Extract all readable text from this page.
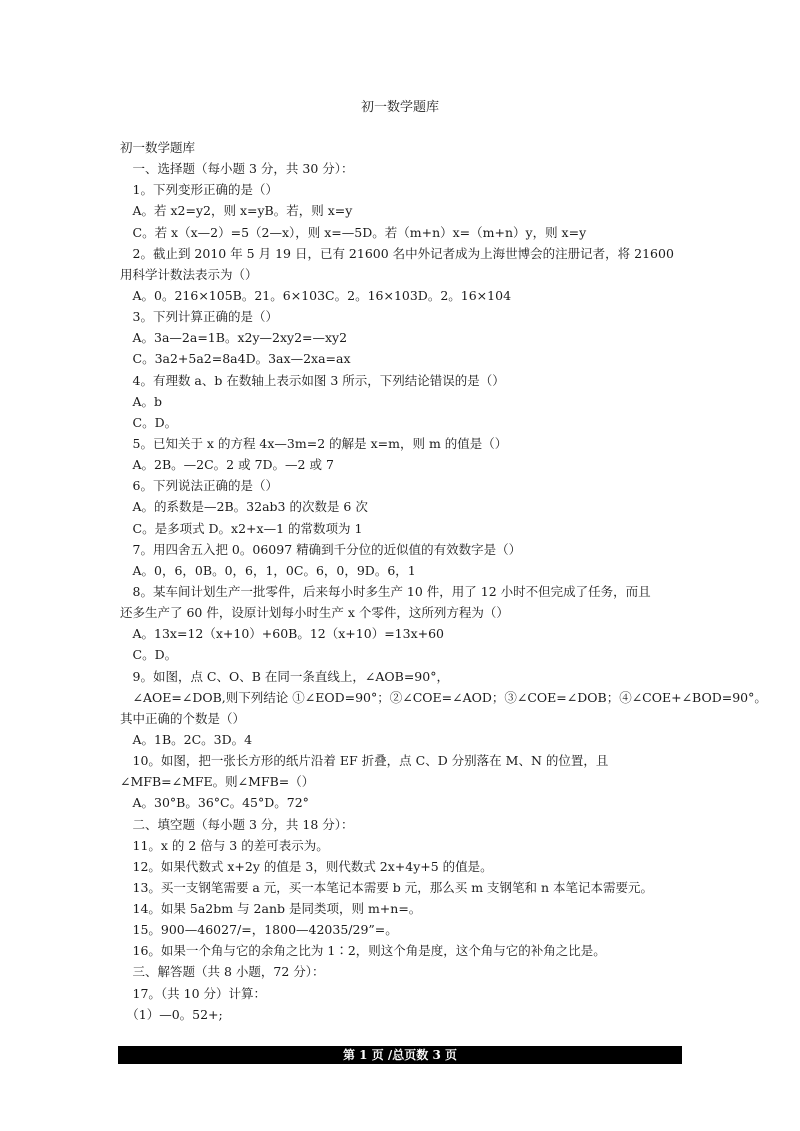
初一数学题库
初一数学题库
　一、选择题（每小题 3 分，共 30 分）：
　1。下列变形正确的是（）
　A。若 x2=y2，则 x=yB。若，则 x=y
　C。若 x（x—2）=5（2—x），则 x=—5D。若（m+n）x=（m+n）y，则 x=y
　2。截止到 2010 年 5 月 19 日，已有 21600 名中外记者成为上海世博会的注册记者，将 21600
用科学计数法表示为（）
　A。0。216×105B。21。6×103C。2。16×103D。2。16×104
　3。下列计算正确的是（）
　A。3a—2a=1B。x2y—2xy2=—xy2
　C。3a2+5a2=8a4D。3ax—2xa=ax
　4。有理数 a、b 在数轴上表示如图 3 所示，下列结论错误的是（）
　A。b
　C。D。
　5。已知关于 x 的方程 4x—3m=2 的解是 x=m，则 m 的值是（）
　A。2B。—2C。2 或 7D。—2 或 7
　6。下列说法正确的是（）
　A。的系数是—2B。32ab3 的次数是 6 次
　C。是多项式 D。x2+x—1 的常数项为 1
　7。用四舍五入把 0。06097 精确到千分位的近似值的有效数字是（）
　A。0，6，0B。0，6，1，0C。6，0，9D。6，1
　8。某车间计划生产一批零件，后来每小时多生产 10 件，用了 12 小时不但完成了任务，而且
还多生产了 60 件，设原计划每小时生产 x 个零件，这所列方程为（）
　A。13x=12（x+10）+60B。12（x+10）=13x+60
　C。D。
　9。如图，点 C、O、B 在同一条直线上，∠AOB=90°，
　∠AOE=∠DOB,则下列结论 ①∠EOD=90°；②∠COE=∠AOD；③∠COE=∠DOB；④∠COE+∠BOD=90°。
其中正确的个数是（）
　A。1B。2C。3D。4
　10。如图，把一张长方形的纸片沿着 EF 折叠，点 C、D 分别落在 M、N 的位置，且
∠MFB=∠MFE。则∠MFB=（）
　A。30°B。36°C。45°D。72°
　二、填空题（每小题 3 分，共 18 分）：
　11。x 的 2 倍与 3 的差可表示为。
　12。如果代数式 x+2y 的值是 3，则代数式 2x+4y+5 的值是。
　13。买一支钢笔需要 a 元，买一本笔记本需要 b 元，那么买 m 支钢笔和 n 本笔记本需要元。
　14。如果 5a2bm 与 2anb 是同类项，则 m+n=。
　15。900—46027/=，1800—42035/29”=。
　16。如果一个角与它的余角之比为 1∶2，则这个角是度，这个角与它的补角之比是。
　三、解答题（共 8 小题，72 分）：
　17。（共 10 分）计算：
　（1）—0。52+;
第 1 页 /总页数 3 页
